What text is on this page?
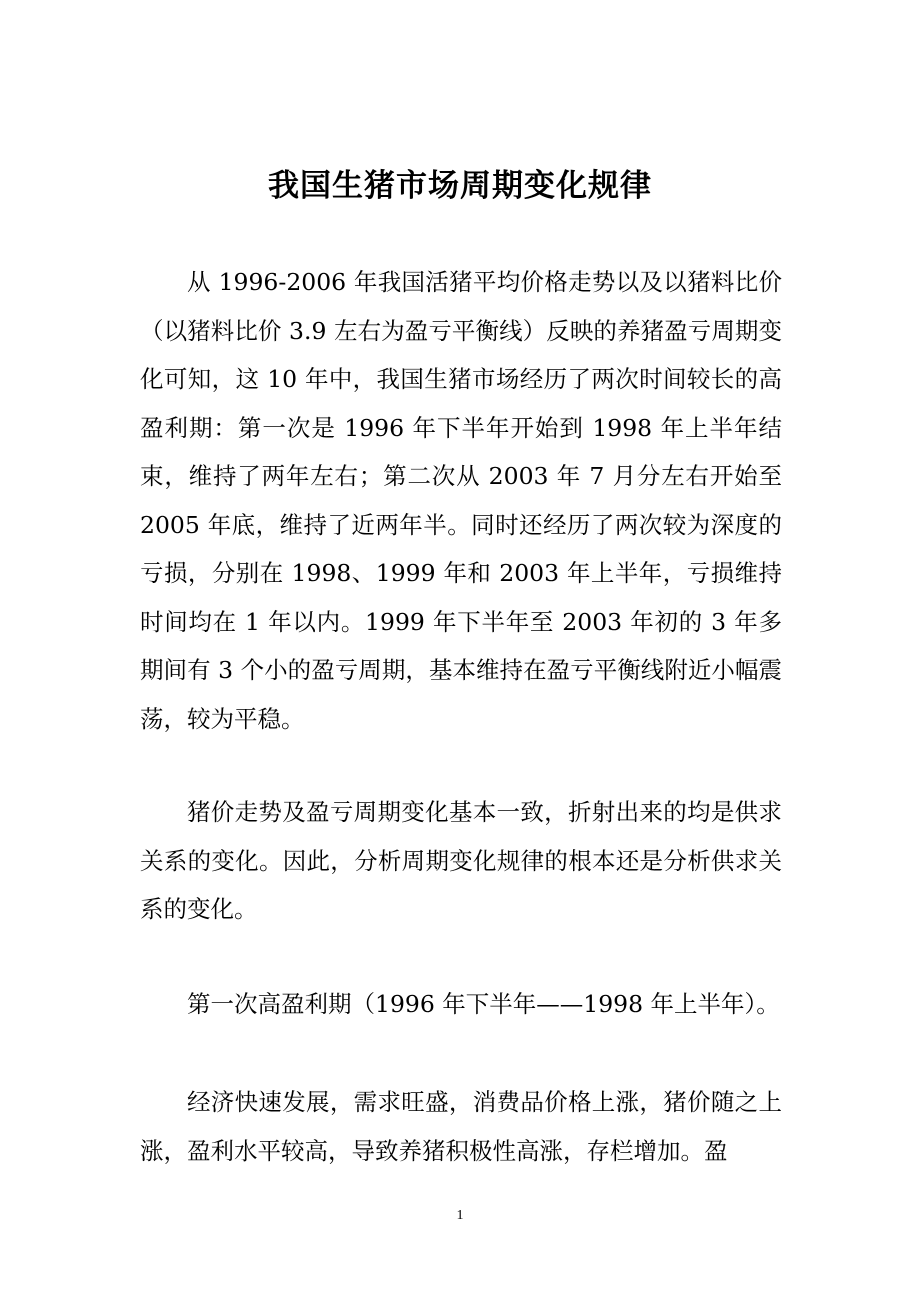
我国生猪市场周期变化规律

从 1996-2006 年我国活猪平均价格走势以及以猪料比价（以猪料比价 3.9 左右为盈亏平衡线）反映的养猪盈亏周期变化可知，这 10 年中，我国生猪市场经历了两次时间较长的高盈利期：第一次是 1996 年下半年开始到 1998 年上半年结束，维持了两年左右；第二次从 2003 年 7 月分左右开始至 2005 年底，维持了近两年半。同时还经历了两次较为深度的亏损，分别在 1998、1999 年和 2003 年上半年，亏损维持时间均在 1 年以内。1999 年下半年至 2003 年初的 3 年多期间有 3 个小的盈亏周期，基本维持在盈亏平衡线附近小幅震荡，较为平稳。

猪价走势及盈亏周期变化基本一致，折射出来的均是供求关系的变化。因此，分析周期变化规律的根本还是分析供求关系的变化。

第一次高盈利期（1996 年下半年——1998 年上半年）。

经济快速发展，需求旺盛，消费品价格上涨，猪价随之上涨，盈利水平较高，导致养猪积极性高涨，存栏增加。盈

1
